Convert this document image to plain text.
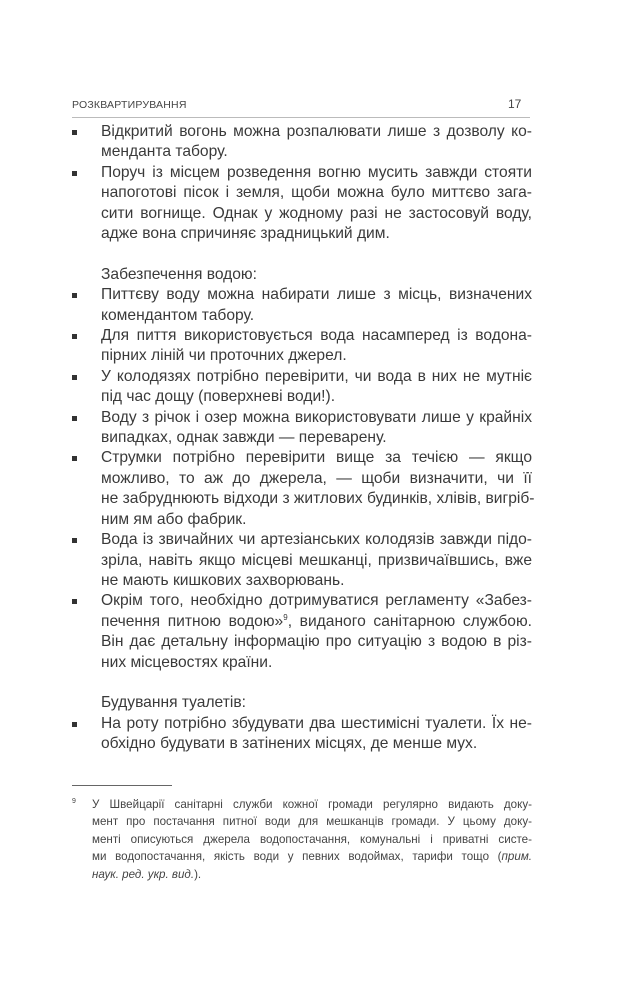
РОЗКВАРТИРУВАННЯ	17
Відкритий вогонь можна розпалювати лише з дозволу ко-
менданта табору.
Поруч із місцем розведення вогню мусить завжди стояти
напоготові пісок і земля, щоби можна було миттєво зага-
сити вогнище. Однак у жодному разі не застосовуй воду,
адже вона спричиняє зрадницький дим.
Забезпечення водою:
Питтєву воду можна набирати лише з місць, визначених
комендантом табору.
Для пиття використовується вода насамперед із водона-
пірних ліній чи проточних джерел.
У колодязях потрібно перевірити, чи вода в них не мутніє
під час дощу (поверхневі води!).
Воду з річок і озер можна використовувати лише у крайніх
випадках, однак завжди — переварену.
Струмки потрібно перевірити вище за течією — якщо
можливо, то аж до джерела, — щоби визначити, чи її
не забруднюють відходи з житлових будинків, хлівів, вигріб-
ним ям або фабрик.
Вода із звичайних чи артезіанських колодязів завжди підо-
зріла, навіть якщо місцеві мешканці, призвичаївшись, вже
не мають кишкових захворювань.
Окрім того, необхідно дотримуватися регламенту «Забез-
печення питною водою»$^9$, виданого санітарною службою.
Він дає детальну інформацію про ситуацію з водою в різ-
них місцевостях країни.
Будування туалетів:
На роту потрібно збудувати два шестимісні туалети. Їх не-
обхідно будувати в затінених місцях, де менше мух.
9	У Швейцарії санітарні служби кожної громади регулярно видають доку-
мент про постачання питної води для мешканців громади. У цьому доку-
менті описуються джерела водопостачання, комунальні і приватні систе-
ми водопостачання, якість води у певних водоймах, тарифи тощо (прим.
наук. ред. укр. вид.).
